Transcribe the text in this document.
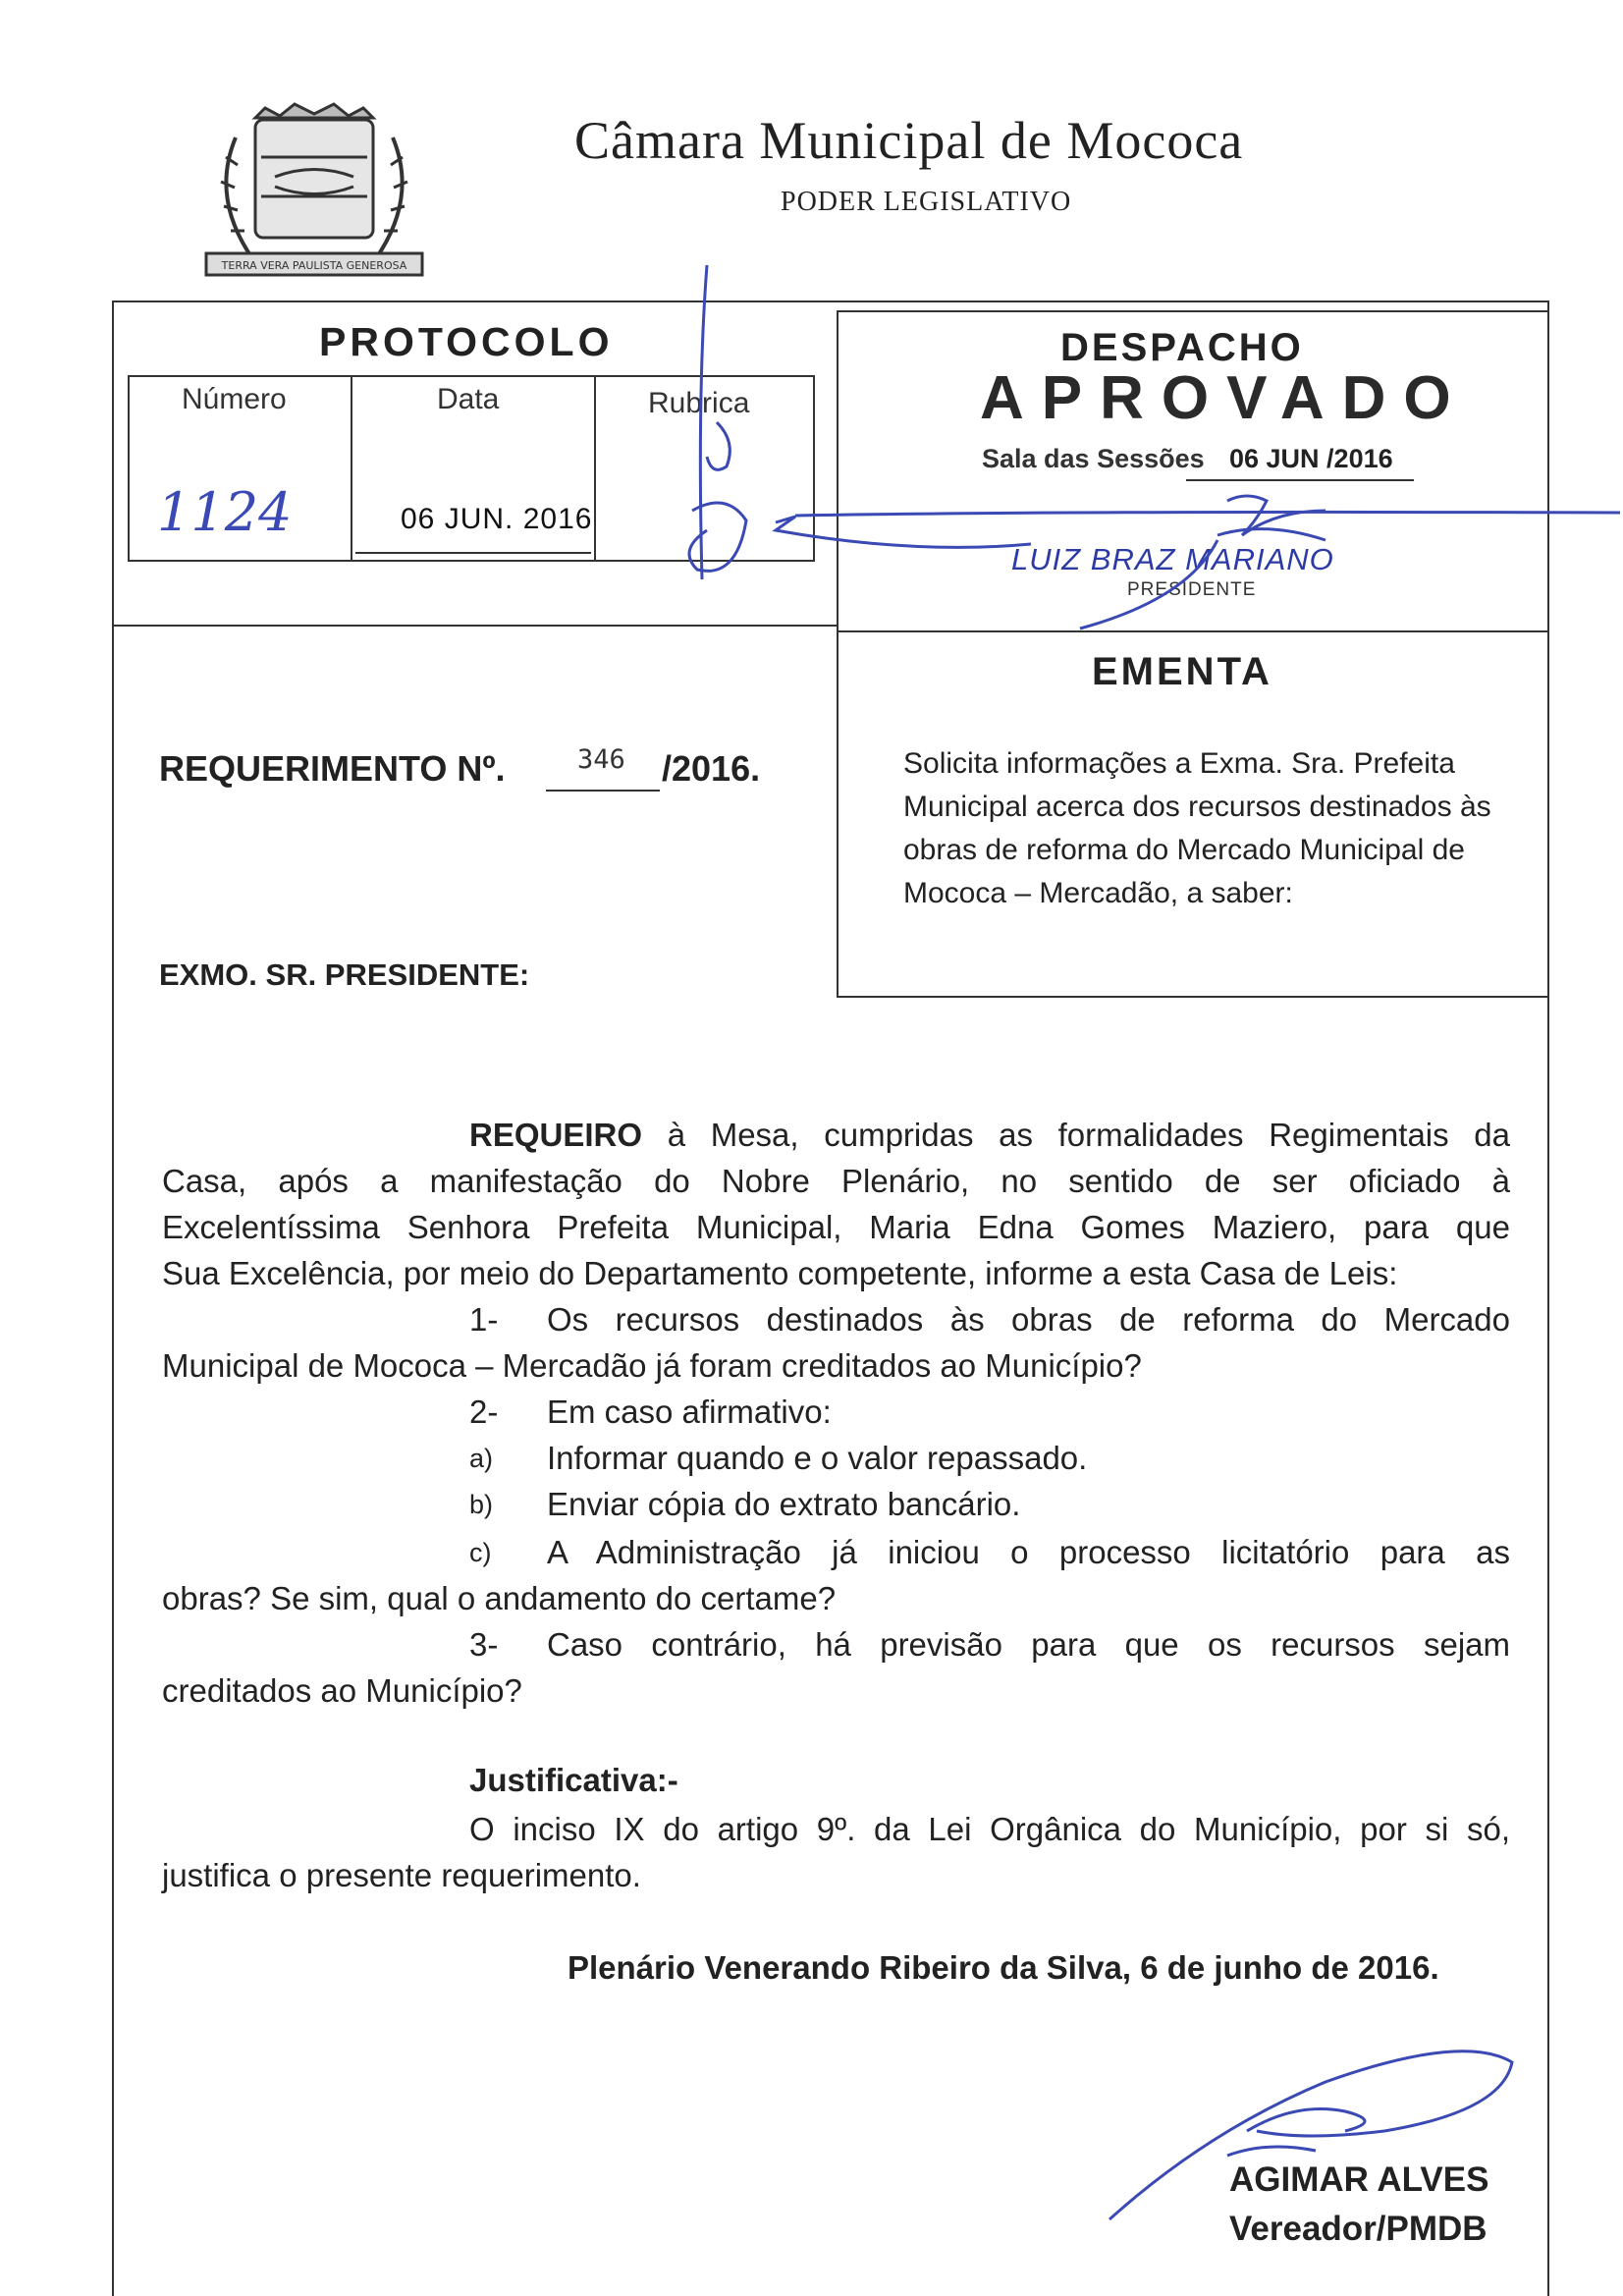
TERRA VERA PAULISTA GENEROSA
Câmara Municipal de Mococa
PODER LEGISLATIVO
PROTOCOLO
Número	Data	Rubrica
1124	06 JUN. 2016
DESPACHO
APROVADO
Sala das Sessões 06 JUN /2016
LUIZ BRAZ MARIANO
PRESIDENTE
EMENTA
Solicita informações a Exma. Sra. Prefeita Municipal acerca dos recursos destinados às obras de reforma do Mercado Municipal de Mococa – Mercadão, a saber:
REQUERIMENTO Nº.	346 /2016.
EXMO. SR. PRESIDENTE:
REQUEIRO à Mesa, cumpridas as formalidades Regimentais da
Casa, após a manifestação do Nobre Plenário, no sentido de ser oficiado à
Excelentíssima Senhora Prefeita Municipal, Maria Edna Gomes Maziero, para que
Sua Excelência, por meio do Departamento competente, informe a esta Casa de Leis:
1- Os recursos destinados às obras de reforma do Mercado
Municipal de Mococa – Mercadão já foram creditados ao Município?
2- Em caso afirmativo:
a) Informar quando e o valor repassado.
b) Enviar cópia do extrato bancário.
c) A Administração já iniciou o processo licitatório para as
obras? Se sim, qual o andamento do certame?
3- Caso contrário, há previsão para que os recursos sejam
creditados ao Município?
Justificativa:-
O inciso IX do artigo 9º. da Lei Orgânica do Município, por si só,
justifica o presente requerimento.
Plenário Venerando Ribeiro da Silva, 6 de junho de 2016.
AGIMAR ALVES
Vereador/PMDB
